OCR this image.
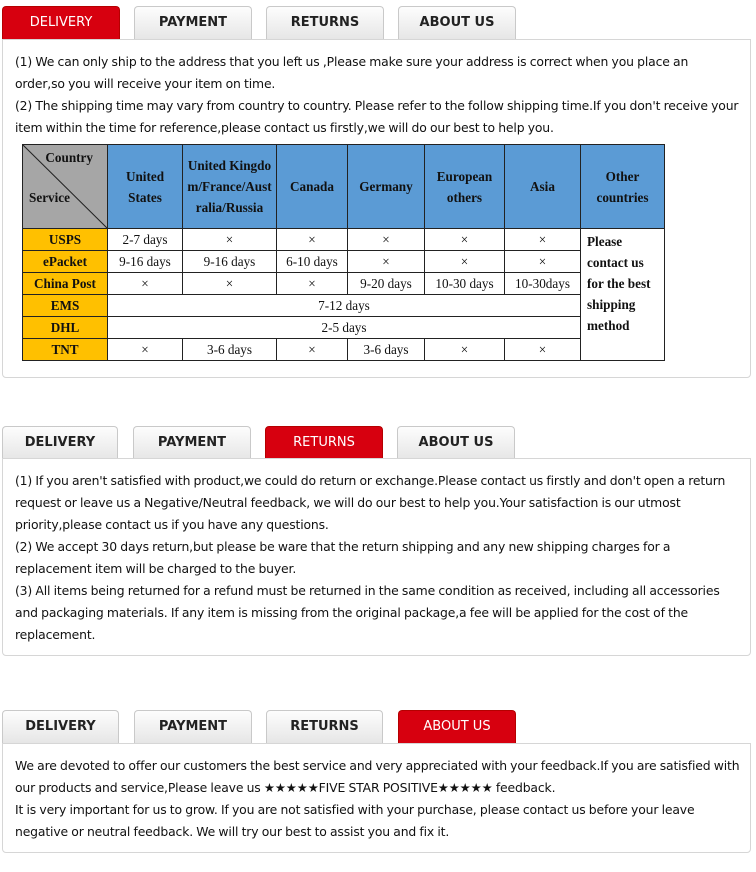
DELIVERY	PAYMENT	RETURNS	ABOUT US

(1) We can only ship to the address that you left us ,Please make sure your address is correct when you place an order,so you will receive your item on time.

(2) The shipping time may vary from country to country. Please refer to the follow shipping time.If you don't receive your item within the time for reference,please contact us firstly,we will do our best to help you.

Country
Service	United States	United Kingdom/France/Australia/Russia	Canada	Germany	European others	Asia	Other countries
USPS	2-7 days	×	×	×	×	×	Please contact us for the best shipping method
ePacket	9-16 days	9-16 days	6-10 days	×	×	×	
China Post	×	×	×	9-20 days	10-30 days	10-30days	
EMS	7-12 days						
DHL	2-5 days						
TNT	×	3-6 days	×	3-6 days	×	×	
DELIVERY	PAYMENT	RETURNS	ABOUT US

(1) If you aren't satisfied with product,we could do return or exchange.Please contact us firstly and don't open a return request or leave us a Negative/Neutral feedback, we will do our best to help you.Your satisfaction is our utmost priority,please contact us if you have any questions.

(2) We accept 30 days return,but please be ware that the return shipping and any new shipping charges for a replacement item will be charged to the buyer.

(3) All items being returned for a refund must be returned in the same condition as received, including all accessories and packaging materials. If any item is missing from the original package,a fee will be applied for the cost of the replacement.

DELIVERY	PAYMENT	RETURNS	ABOUT US

We are devoted to offer our customers the best service and very appreciated with your feedback.If you are satisfied with our products and service,Please leave us ★★★★★FIVE STAR POSITIVE★★★★★ feedback.

It is very important for us to grow. If you are not satisfied with your purchase, please contact us before your leave negative or neutral feedback. We will try our best to assist you and fix it.
